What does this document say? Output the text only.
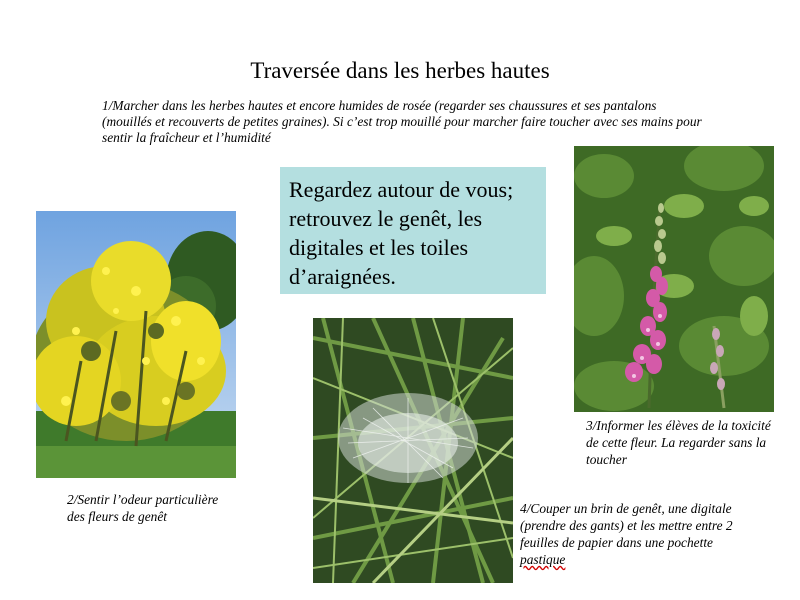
Traversée dans les herbes hautes
1/Marcher dans les herbes hautes et encore humides de rosée (regarder ses chaussures et ses pantalons (mouillés et recouverts de petites graines). Si c’est trop mouillé pour marcher faire toucher avec ses mains pour sentir la fraîcheur et l’humidité
Regardez autour de vous; retrouvez le genêt, les digitales et les toiles d’araignées.
2/Sentir l’odeur particulière des fleurs de genêt
3/Informer les élèves de la toxicité de cette fleur. La regarder sans la toucher
4/Couper un brin de genêt, une digitale (prendre des gants) et les mettre entre 2 feuilles de papier dans une pochette pastique
